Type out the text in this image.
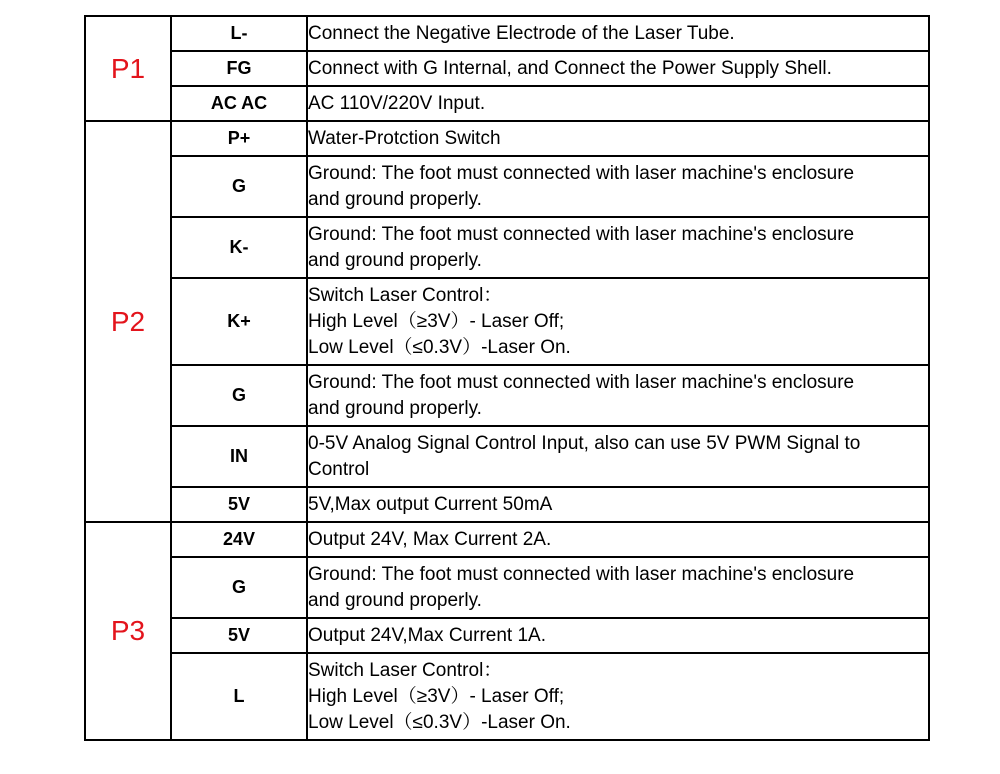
P1	L-	Connect the Negative Electrode of the Laser Tube.

	FG	Connect with G Internal, and Connect the Power Supply Shell.

	AC AC	AC 110V/220V Input.

P2	P+	Water-Protction Switch

	G	Ground: The foot must connected with laser machine's enclosure
and ground properly.

	K-	Ground: The foot must connected with laser machine's enclosure
and ground properly.

	K+	Switch Laser Control：
High Level（≥3V）- Laser Off;
Low Level（≤0.3V）-Laser On.

	G	Ground: The foot must connected with laser machine's enclosure
and ground properly.

	IN	0-5V Analog Signal Control Input, also can use 5V PWM Signal to
Control

	5V	5V,Max output Current 50mA

P3	24V	Output 24V, Max Current 2A.

	G	Ground: The foot must connected with laser machine's enclosure
and ground properly.

	5V	Output 24V,Max Current 1A.

	L	Switch Laser Control：
High Level（≥3V）- Laser Off;
Low Level（≤0.3V）-Laser On.
